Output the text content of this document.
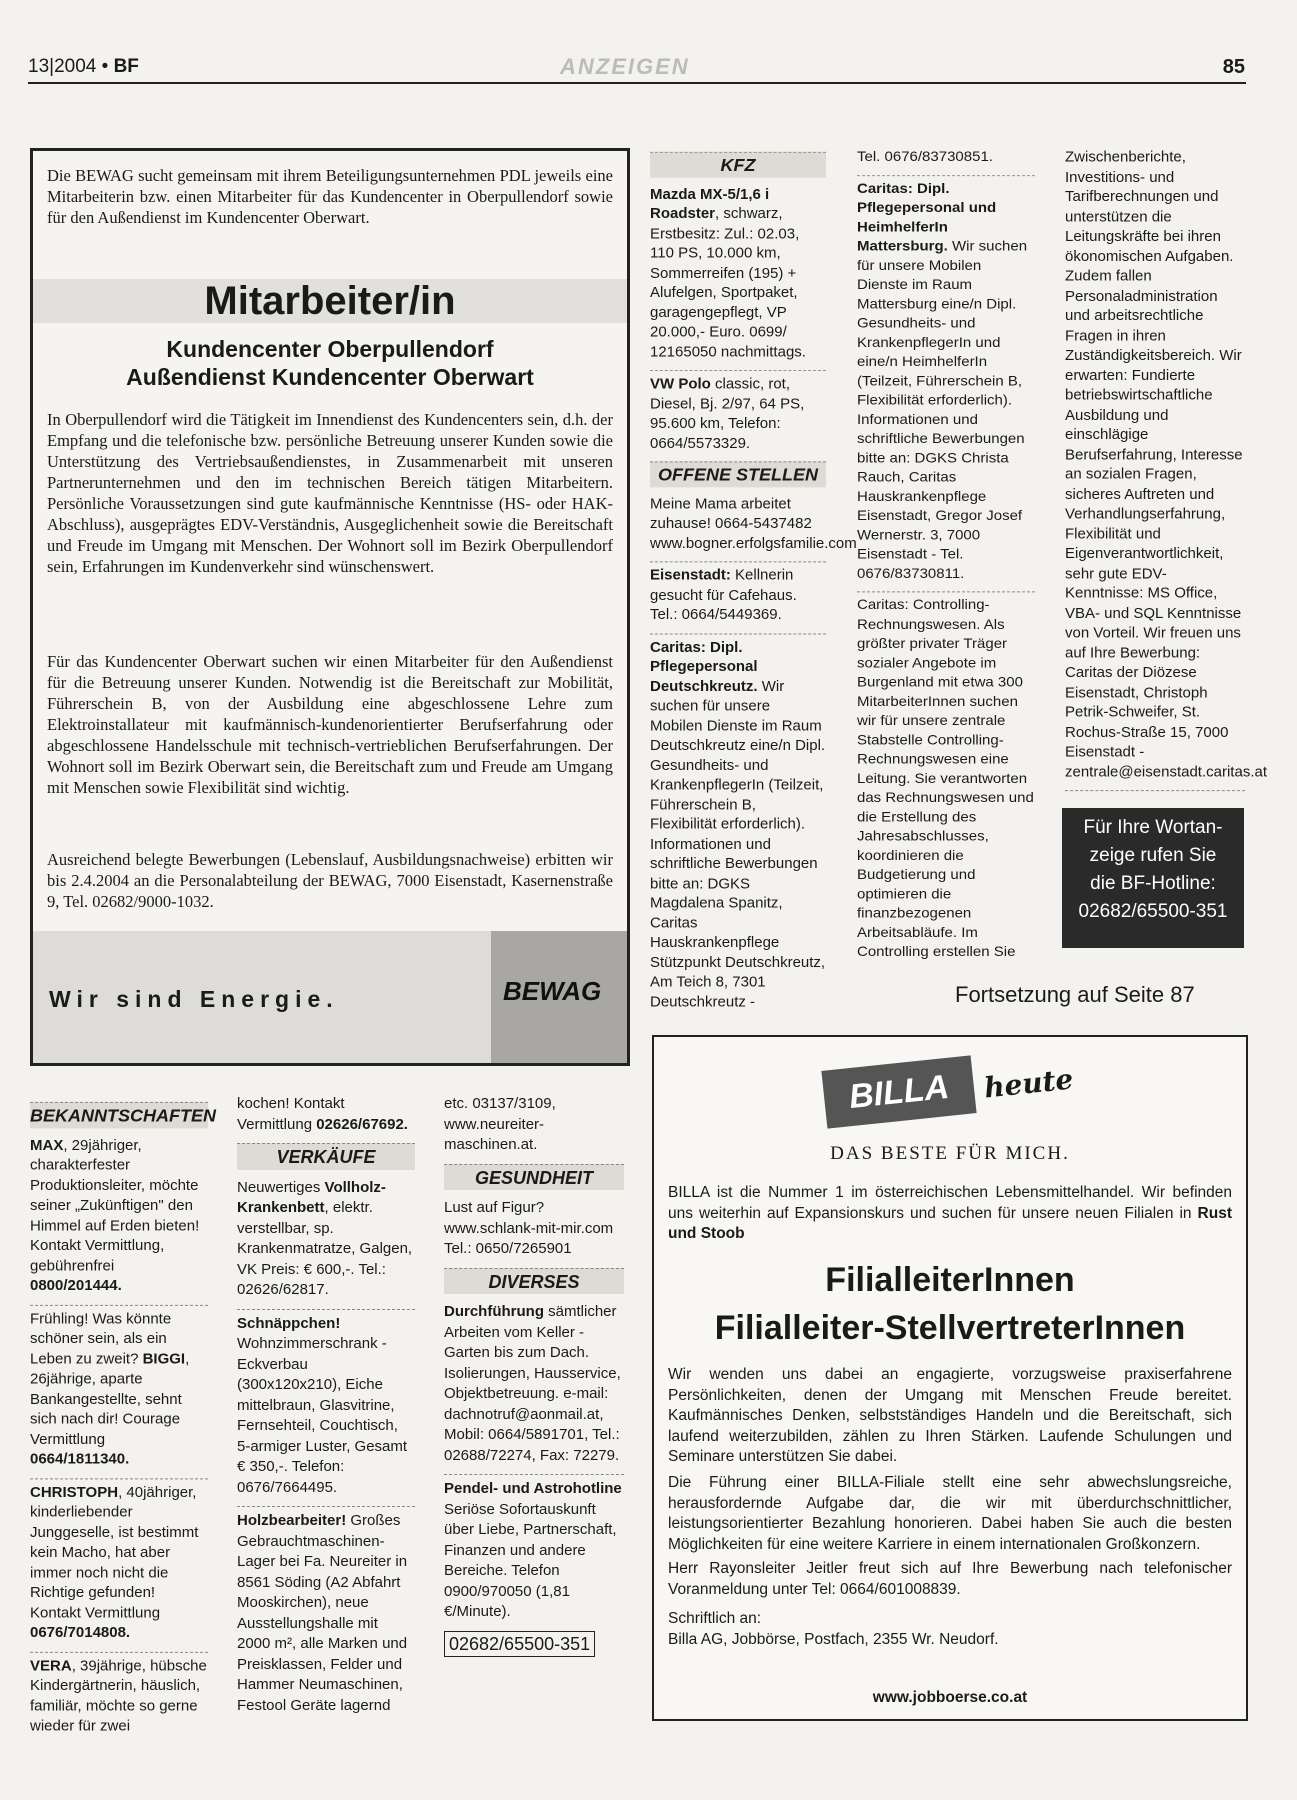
13|2004 • BF	ANZEIGEN	85
Die BEWAG sucht gemeinsam mit ihrem Beteiligungsunternehmen PDL jeweils eine Mitarbeiterin bzw. einen Mitarbeiter für das Kundencenter in Oberpullendorf sowie für den Außendienst im Kundencenter Oberwart.
Mitarbeiter/in
Kundencenter Oberpullendorf
Außendienst Kundencenter Oberwart
In Oberpullendorf wird die Tätigkeit im Innendienst des Kundencenters sein, d.h. der Empfang und die telefonische bzw. persönliche Betreuung unserer Kunden sowie die Unterstützung des Vertriebsaußendienstes, in Zusammenarbeit mit unseren Partnerunternehmen und den im technischen Bereich tätigen Mitarbeitern. Persönliche Voraussetzungen sind gute kaufmännische Kenntnisse (HS- oder HAK-Abschluss), ausgeprägtes EDV-Verständnis, Ausgeglichenheit sowie die Bereitschaft und Freude im Umgang mit Menschen. Der Wohnort soll im Bezirk Oberpullendorf sein, Erfahrungen im Kundenverkehr sind wünschenswert.
Für das Kundencenter Oberwart suchen wir einen Mitarbeiter für den Außendienst für die Betreuung unserer Kunden. Notwendig ist die Bereitschaft zur Mobilität, Führerschein B, von der Ausbildung eine abgeschlossene Lehre zum Elektroinstallateur mit kaufmännisch-kundenorientierter Berufserfahrung oder abgeschlossene Handelsschule mit technisch-vertrieblichen Berufserfahrungen. Der Wohnort soll im Bezirk Oberwart sein, die Bereitschaft zum und Freude am Umgang mit Menschen sowie Flexibilität sind wichtig.
Ausreichend belegte Bewerbungen (Lebenslauf, Ausbildungsnachweise) erbitten wir bis 2.4.2004 an die Personalabteilung der BEWAG, 7000 Eisenstadt, Kasernenstraße 9, Tel. 02682/9000-1032.
Wir sind Energie.	BEWAG
KFZ

Mazda MX-5/1,6 i Roadster, schwarz, Erstbesitz: Zul.: 02.03, 110 PS, 10.000 km, Sommerreifen (195) + Alufelgen, Sportpaket, garagengepflegt, VP 20.000,- Euro. 0699/ 12165050 nachmittags.

VW Polo classic, rot, Diesel, Bj. 2/97, 64 PS, 95.600 km, Telefon: 0664/5573329.

OFFENE STELLEN

Meine Mama arbeitet zuhause! 0664-5437482 www.bogner.erfolgsfamilie.com

Eisenstadt: Kellnerin gesucht für Cafehaus. Tel.: 0664/5449369.

Caritas: Dipl. Pflegepersonal Deutschkreutz. Wir suchen für unsere Mobilen Dienste im Raum Deutschkreutz eine/n Dipl. Gesundheits- und KrankenpflegerIn (Teilzeit, Führerschein B, Flexibilität erforderlich). Informationen und schriftliche Bewerbungen bitte an: DGKS Magdalena Spanitz, Caritas Hauskrankenpflege Stützpunkt Deutschkreutz, Am Teich 8, 7301 Deutschkreutz -

Tel. 0676/83730851.

Caritas: Dipl. Pflegepersonal und HeimhelferIn Mattersburg. Wir suchen für unsere Mobilen Dienste im Raum Mattersburg eine/n Dipl. Gesundheits- und KrankenpflegerIn und eine/n HeimhelferIn (Teilzeit, Führerschein B, Flexibilität erforderlich). Informationen und schriftliche Bewerbungen bitte an: DGKS Christa Rauch, Caritas Hauskrankenpflege Eisenstadt, Gregor Josef Wernerstr. 3, 7000 Eisenstadt - Tel. 0676/83730811.

Caritas: Controlling-Rechnungswesen. Als größter privater Träger sozialer Angebote im Burgenland mit etwa 300 MitarbeiterInnen suchen wir für unsere zentrale Stabstelle Controlling-Rechnungswesen eine Leitung. Sie verantworten das Rechnungswesen und die Erstellung des Jahresabschlusses, koordinieren die Budgetierung und optimieren die finanzbezogenen Arbeitsabläufe. Im Controlling erstellen Sie

Zwischenberichte, Investitions- und Tarifberechnungen und unterstützen die Leitungskräfte bei ihren ökonomischen Aufgaben. Zudem fallen Personaladministration und arbeitsrechtliche Fragen in ihren Zuständigkeitsbereich. Wir erwarten: Fundierte betriebswirtschaftliche Ausbildung und einschlägige Berufserfahrung, Interesse an sozialen Fragen, sicheres Auftreten und Verhandlungserfahrung, Flexibilität und Eigenverantwortlichkeit, sehr gute EDV-Kenntnisse: MS Office, VBA- und SQL Kenntnisse von Vorteil. Wir freuen uns auf Ihre Bewerbung: Caritas der Diözese Eisenstadt, Christoph Petrik-Schweifer, St. Rochus-Straße 15, 7000 Eisenstadt - zentrale@eisenstadt.caritas.at

Für Ihre Wortan-
zeige rufen Sie
die BF-Hotline:
02682/65500-351
Fortsetzung auf Seite 87
BEKANNTSCHAFTEN

MAX, 29jähriger, charakterfester Produktionsleiter, möchte seiner „Zukünftigen" den Himmel auf Erden bieten! Kontakt Vermittlung, gebührenfrei 0800/201444.

Frühling! Was könnte schöner sein, als ein Leben zu zweit? BIGGI, 26jährige, aparte Bankangestellte, sehnt sich nach dir! Courage Vermittlung 0664/1811340.

CHRISTOPH, 40jähriger, kinderliebender Junggeselle, ist bestimmt kein Macho, hat aber immer noch nicht die Richtige gefunden! Kontakt Vermittlung 0676/7014808.

VERA, 39jährige, hübsche Kindergärtnerin, häuslich, familiär, möchte so gerne wieder für zwei

kochen! Kontakt Vermittlung 02626/67692.

VERKÄUFE

Neuwertiges Vollholz-Krankenbett, elektr. verstellbar, sp. Krankenmatratze, Galgen, VK Preis: € 600,-. Tel.: 02626/62817.

Schnäppchen! Wohnzimmerschrank - Eckverbau (300x120x210), Eiche mittelbraun, Glasvitrine, Fernsehteil, Couchtisch, 5-armiger Luster, Gesamt € 350,-. Telefon: 0676/7664495.

Holzbearbeiter! Großes Gebrauchtmaschinen-Lager bei Fa. Neureiter in 8561 Söding (A2 Abfahrt Mooskirchen), neue Ausstellungshalle mit 2000 m², alle Marken und Preisklassen, Felder und Hammer Neumaschinen, Festool Geräte lagernd

etc. 03137/3109, www.neureiter-maschinen.at.

GESUNDHEIT

Lust auf Figur? www.schlank-mit-mir.com Tel.: 0650/7265901

DIVERSES

Durchführung sämtlicher Arbeiten vom Keller - Garten bis zum Dach. Isolierungen, Hausservice, Objektbetreuung. e-mail: dachnotruf@aonmail.at, Mobil: 0664/5891701, Tel.: 02688/72274, Fax: 72279.

Pendel- und Astrohotline Seriöse Sofortauskunft über Liebe, Partnerschaft, Finanzen und andere Bereiche. Telefon 0900/970050 (1,81 €/Minute).

02682/65500-351
BILLA	heute
DAS BESTE FÜR MICH.
BILLA ist die Nummer 1 im österreichischen Lebensmittelhandel. Wir befinden uns weiterhin auf Expansionskurs und suchen für unsere neuen Filialen in Rust und Stoob
FilialleiterInnen
Filialleiter-StellvertreterInnen
Wir wenden uns dabei an engagierte, vorzugsweise praxiserfahrene Persönlichkeiten, denen der Umgang mit Menschen Freude bereitet. Kaufmännisches Denken, selbstständiges Handeln und die Bereitschaft, sich laufend weiterzubilden, zählen zu Ihren Stärken. Laufende Schulungen und Seminare unterstützen Sie dabei.
Die Führung einer BILLA-Filiale stellt eine sehr abwechslungsreiche, herausfordernde Aufgabe dar, die wir mit überdurchschnittlicher, leistungsorientierter Bezahlung honorieren. Dabei haben Sie auch die besten Möglichkeiten für eine weitere Karriere in einem internationalen Großkonzern.
Herr Rayonsleiter Jeitler freut sich auf Ihre Bewerbung nach telefonischer Voranmeldung unter Tel: 0664/601008839.
Schriftlich an:
Billa AG, Jobbörse, Postfach, 2355 Wr. Neudorf.
www.jobboerse.co.at
